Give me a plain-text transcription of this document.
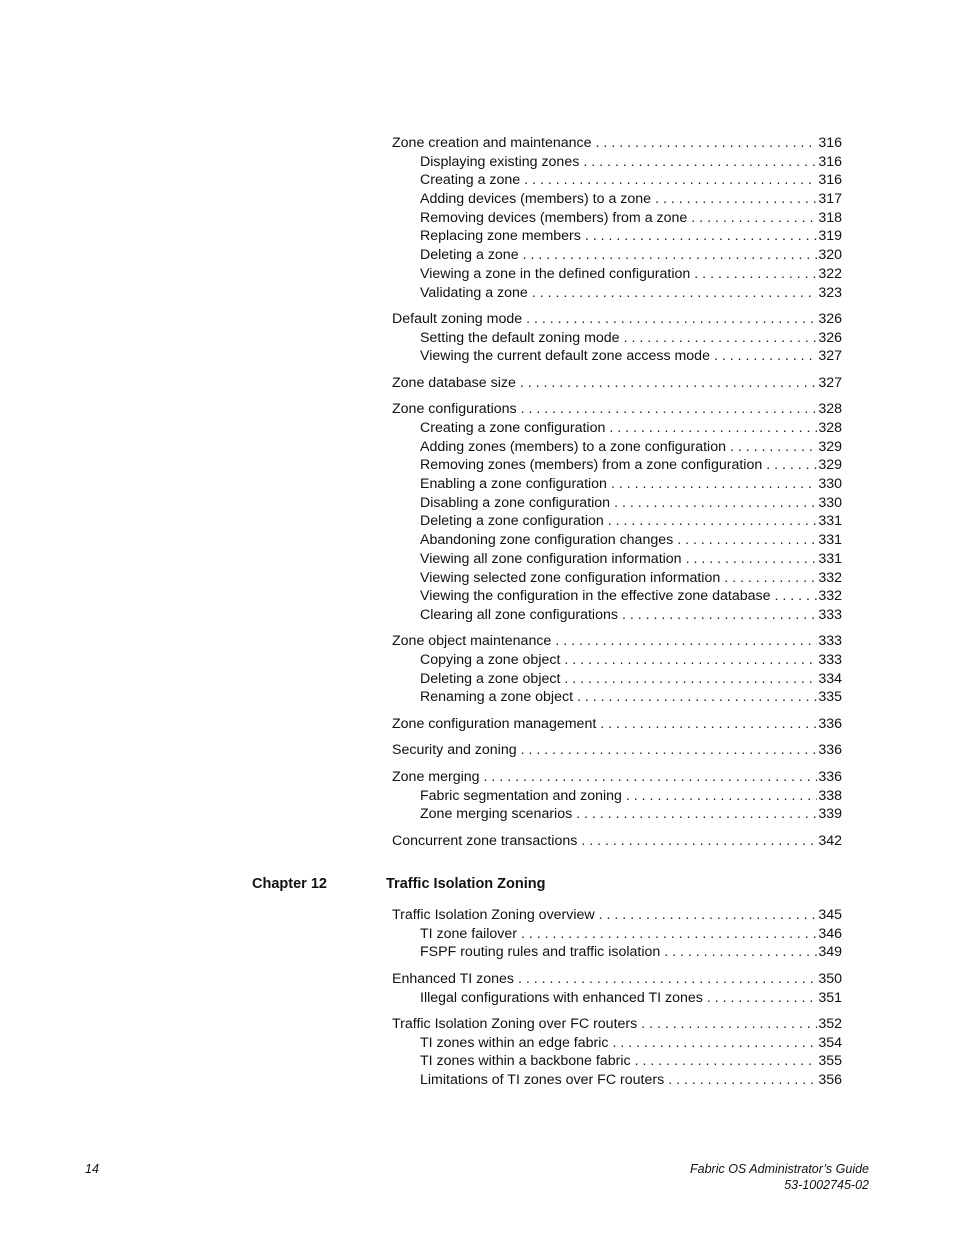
Zone creation and maintenance . . .	316
Displaying existing zones . . .	316
Creating a zone . . .	316
Adding devices (members) to a zone . . .	317
Removing devices (members) from a zone . . .	318
Replacing zone members . . .	319
Deleting a zone . . .	320
Viewing a zone in the defined configuration . . .	322
Validating a zone . . .	323
Default zoning mode . . .	326
Setting the default zoning mode . . .	326
Viewing the current default zone access mode . . .	327
Zone database size . . .	327
Zone configurations . . .	328
Creating a zone configuration . . .	328
Adding zones (members) to a zone configuration . . .	329
Removing zones (members) from a zone configuration . . .	329
Enabling a zone configuration . . .	330
Disabling a zone configuration . . .	330
Deleting a zone configuration . . .	331
Abandoning zone configuration changes . . .	331
Viewing all zone configuration information . . .	331
Viewing selected zone configuration information . . .	332
Viewing the configuration in the effective zone database . . .	332
Clearing all zone configurations . . .	333
Zone object maintenance . . .	333
Copying a zone object . . .	333
Deleting a zone object . . .	334
Renaming a zone object . . .	335
Zone configuration management . . .	336
Security and zoning . . .	336
Zone merging . . .	336
Fabric segmentation and zoning . . .	338
Zone merging scenarios . . .	339
Concurrent zone transactions . . .	342
Chapter 12	Traffic Isolation Zoning
Traffic Isolation Zoning overview . . .	345
TI zone failover . . .	346
FSPF routing rules and traffic isolation . . .	349
Enhanced TI zones . . .	350
Illegal configurations with enhanced TI zones . . .	351
Traffic Isolation Zoning over FC routers . . .	352
TI zones within an edge fabric . . .	354
TI zones within a backbone fabric . . .	355
Limitations of TI zones over FC routers . . .	356
14	Fabric OS Administrator’s Guide
53-1002745-02
